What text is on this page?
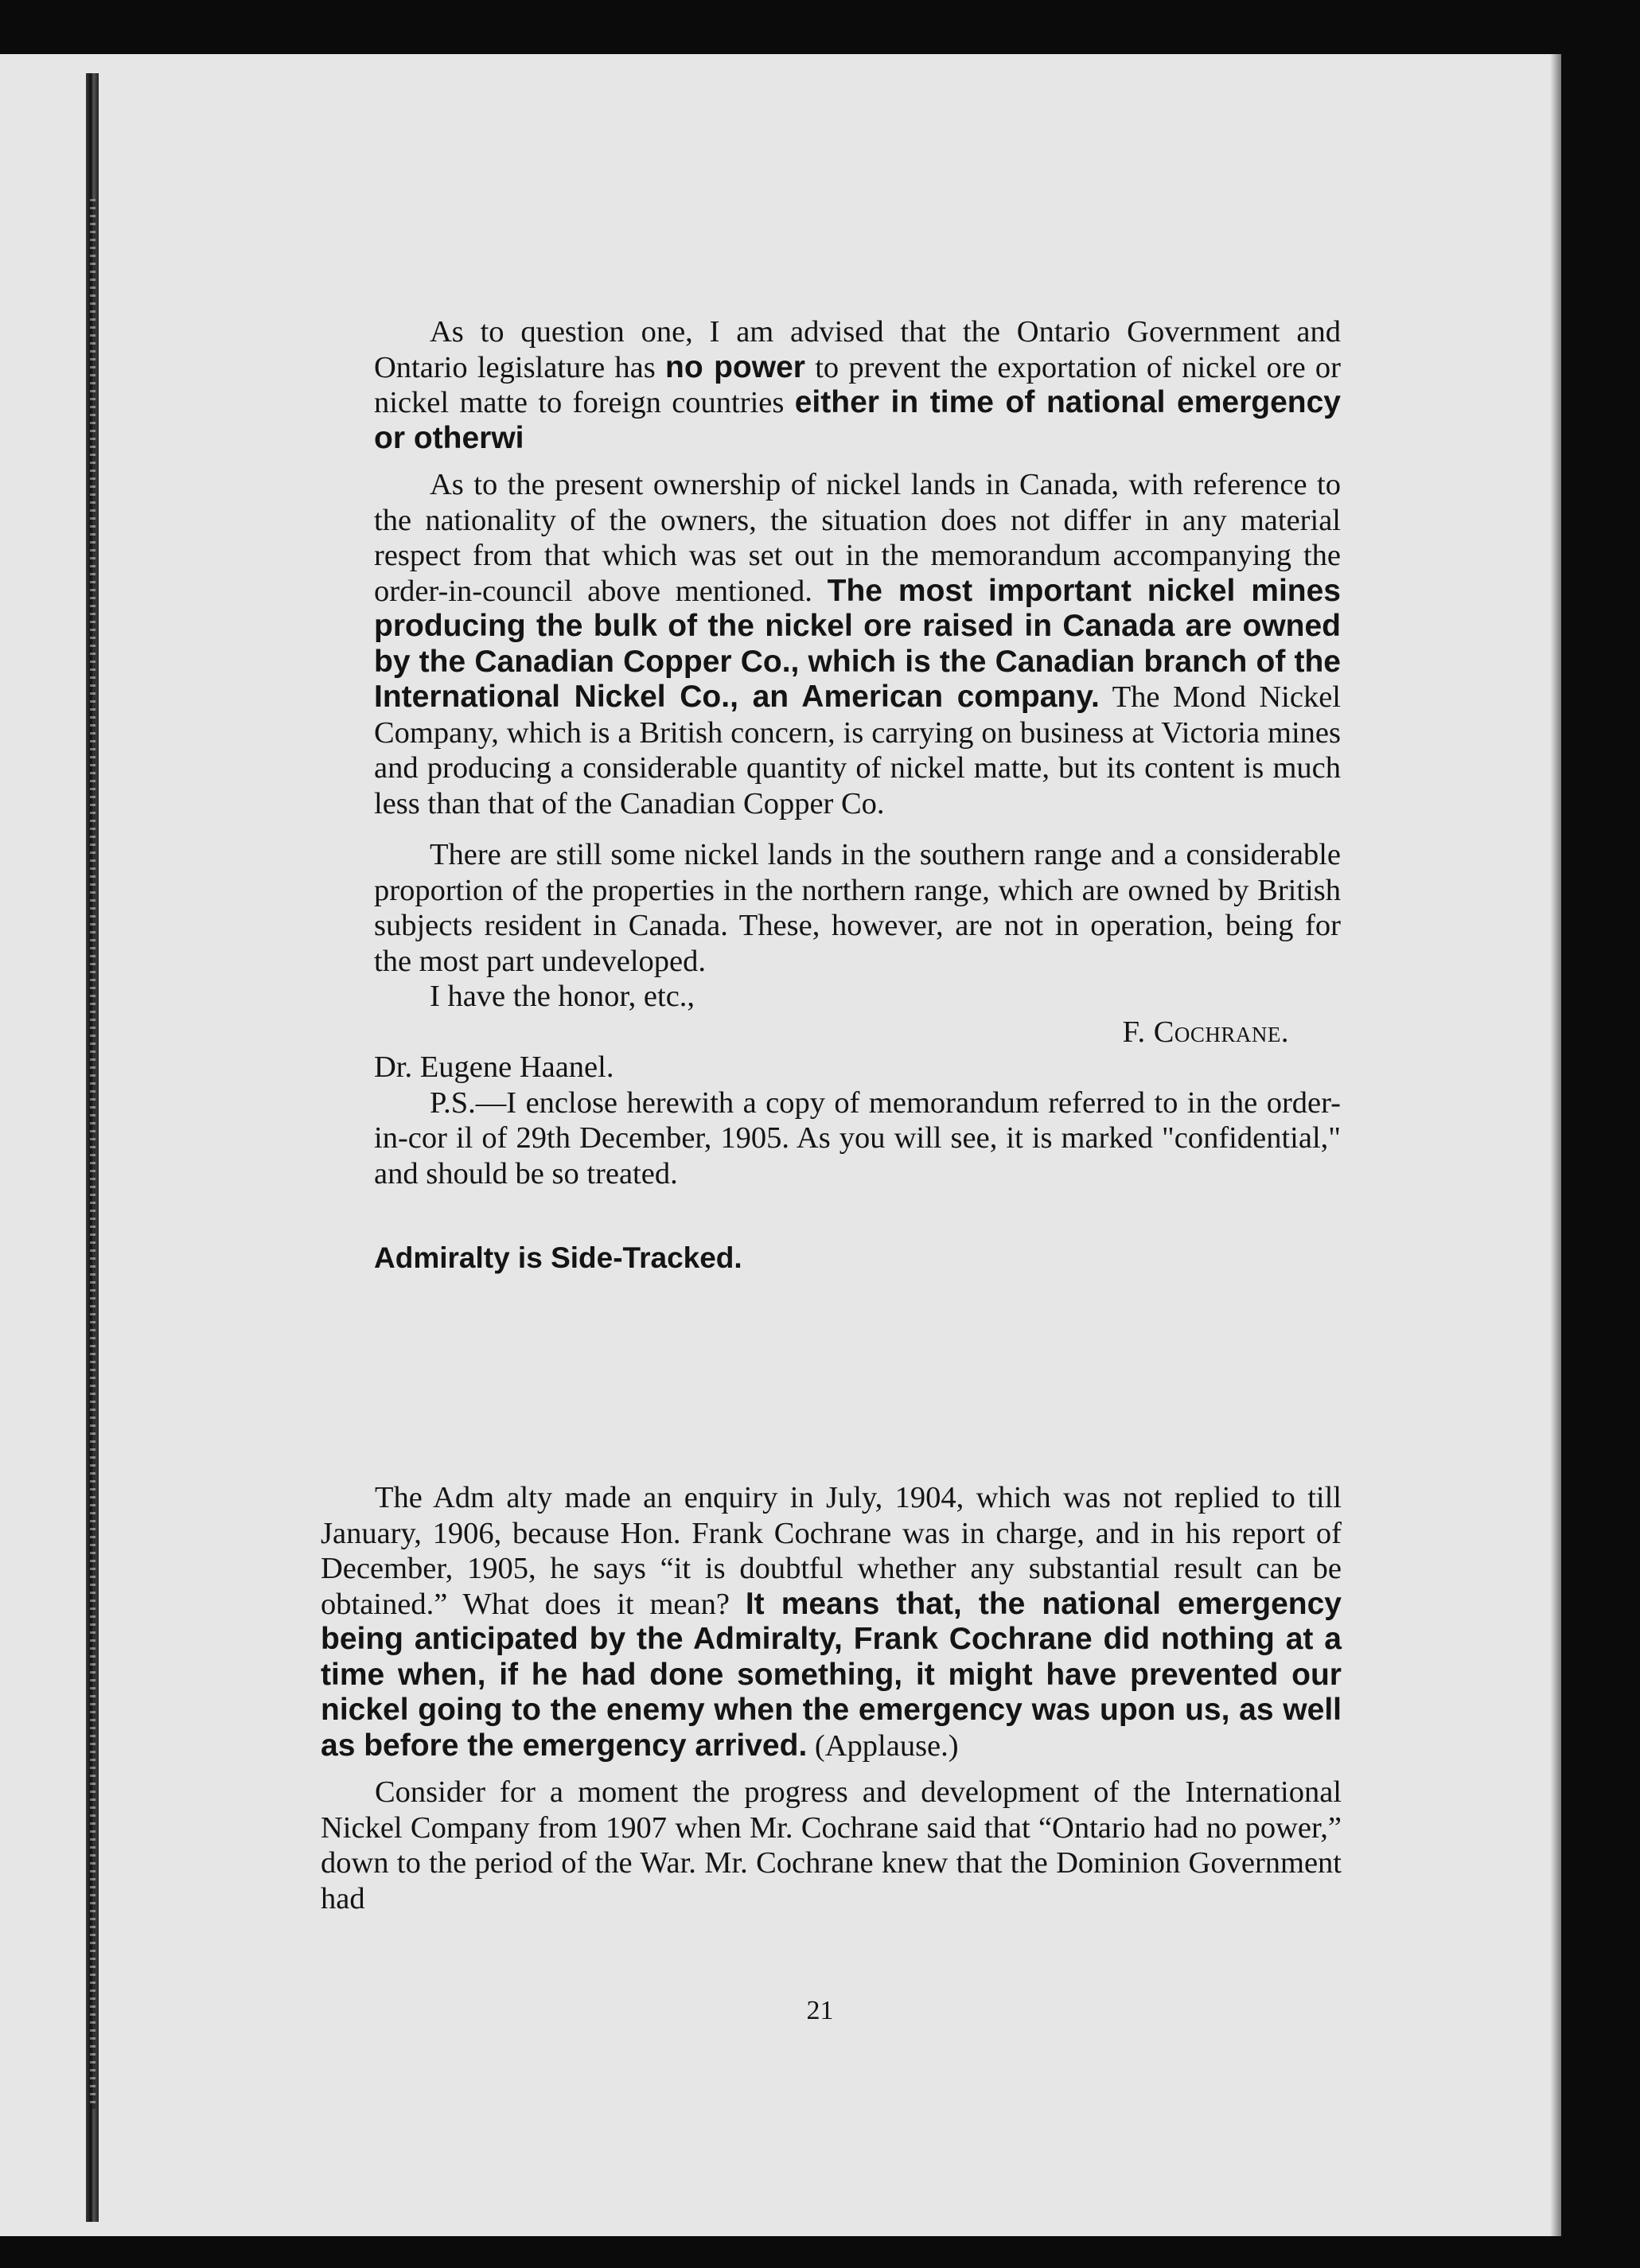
As to question one, I am advised that the Ontario Government and Ontario legislature has no power to prevent the exportation of nickel ore or nickel matte to foreign countries either in time of national emergency or otherwi

As to the present ownership of nickel lands in Canada, with reference to the nationality of the owners, the situation does not differ in any material respect from that which was set out in the memorandum accompanying the order-in-council above mentioned. The most important nickel mines producing the bulk of the nickel ore raised in Canada are owned by the Canadian Copper Co., which is the Canadian branch of the International Nickel Co., an American company. The Mond Nickel Company, which is a British concern, is carrying on business at Victoria mines and producing a considerable quantity of nickel matte, but its content is much less than that of the Canadian Copper Co.

There are still some nickel lands in the southern range and a considerable proportion of the properties in the northern range, which are owned by British subjects resident in Canada. These, however, are not in operation, being for the most part undeveloped.

I have the honor, etc.,

F. Cochrane.

Dr. Eugene Haanel.

P.S.—I enclose herewith a copy of memorandum referred to in the order-in-cor il of 29th December, 1905. As you will see, it is marked "confidential," and should be so treated.

Admiralty is Side-Tracked.

The Adm alty made an enquiry in July, 1904, which was not replied to till January, 1906, because Hon. Frank Cochrane was in charge, and in his report of December, 1905, he says “it is doubtful whether any substantial result can be obtained.” What does it mean? It means that, the national emergency being anticipated by the Admiralty, Frank Cochrane did nothing at a time when, if he had done something, it might have prevented our nickel going to the enemy when the emergency was upon us, as well as before the emergency arrived. (Applause.)

Consider for a moment the progress and development of the International Nickel Company from 1907 when Mr. Cochrane said that “Ontario had no power,” down to the period of the War. Mr. Cochrane knew that the Dominion Government had

21
